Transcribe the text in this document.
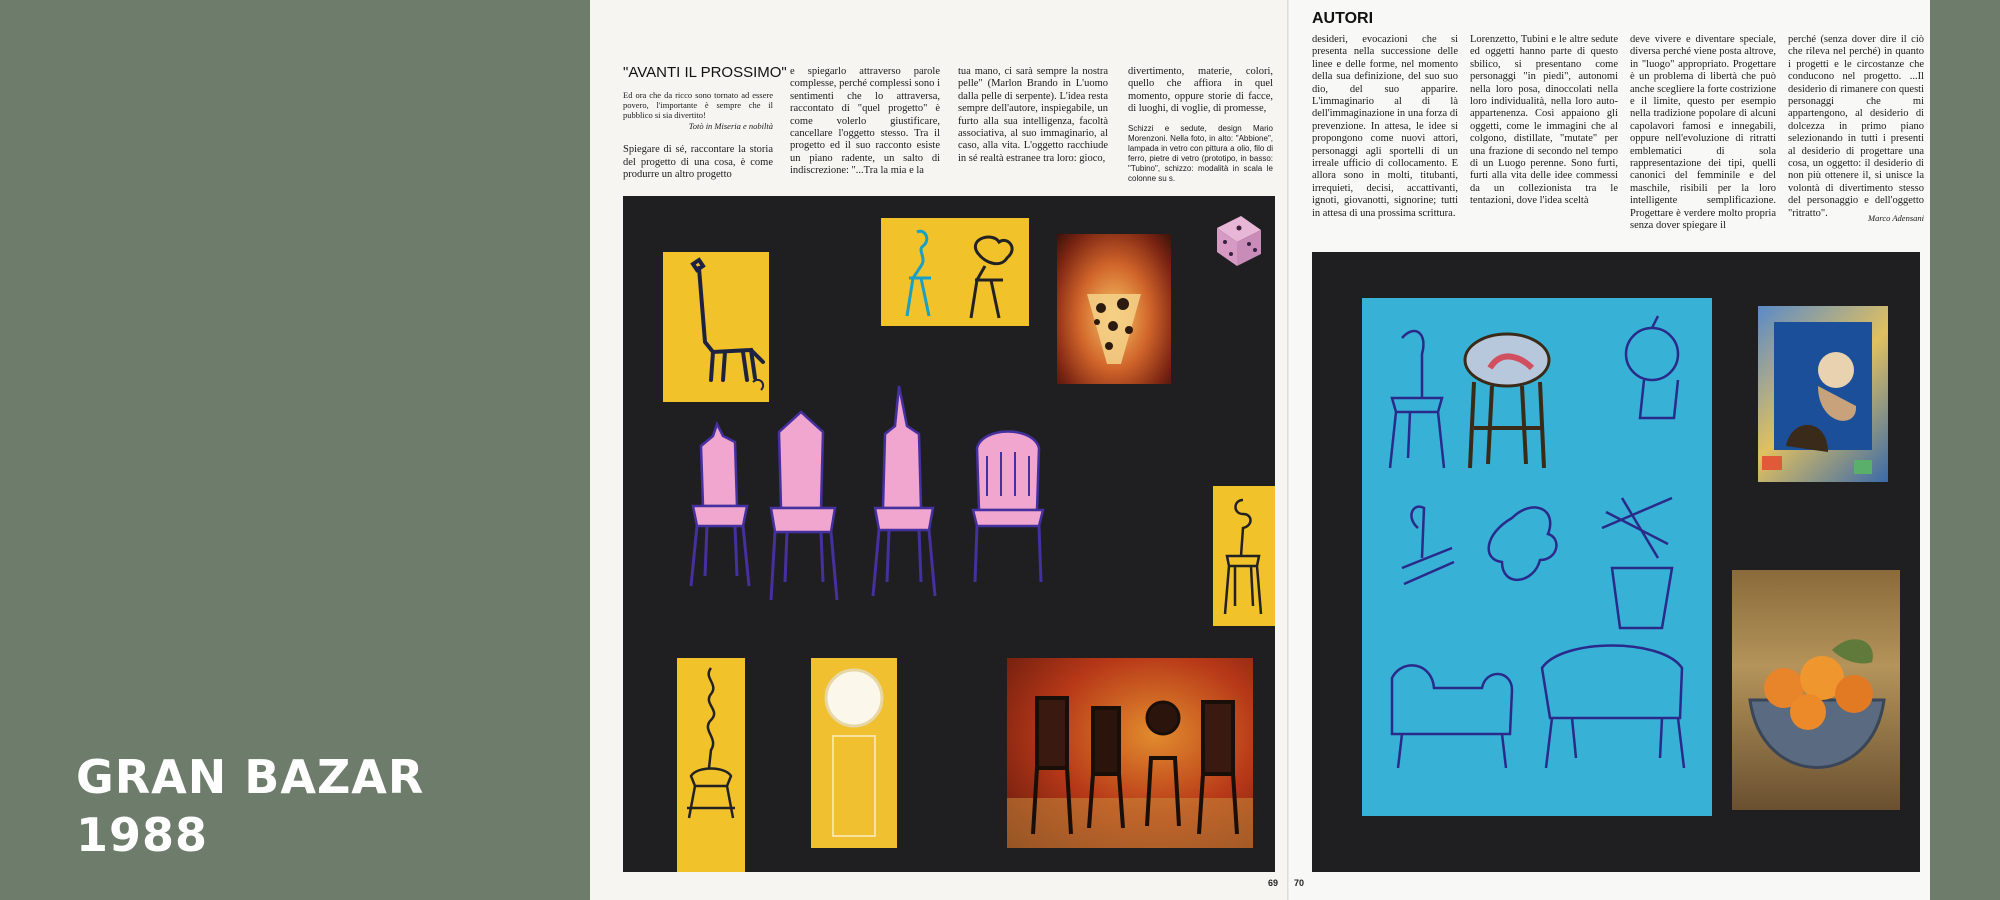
GRAN BAZAR
1988
"AVANTI IL PROSSIMO"

Ed ora che da ricco sono tornato ad essere povero, l'importante è sempre che il pubblico si sia divertito!

Totò in Miseria e nobiltà

Spiegare di sé, raccontare la storia del progetto di una cosa, è come produrre un altro progetto

e spiegarlo attraverso parole complesse, perché complessi sono i sentimenti che lo attraversa, raccontato di "quel progetto" è come volerlo giustificare, cancellare l'oggetto stesso. Tra il progetto ed il suo racconto esiste un piano radente, un salto di indiscrezione: "...Tra la mia e la
tua mano, ci sarà sempre la nostra pelle" (Marlon Brando in L'uomo dalla pelle di serpente). L'idea resta sempre dell'autore, inspiegabile, un furto alla sua intelligenza, facoltà associativa, al suo immaginario, al caso, alla vita. L'oggetto racchiude in sé realtà estranee tra loro: gioco,
divertimento, materie, colori, quello che affiora in quel momento, oppure storie di facce, di luoghi, di voglie, di promesse,
Schizzi e sedute, design Mario Morenzoni. Nella foto, in alto: "Abbione", lampada in vetro con pittura a olio, filo di ferro, pietre di vetro (prototipo, in basso: "Tubino", schizzo: modalità in scala le colonne su s.
69
AUTORI
desideri, evocazioni che si presenta nella successione delle linee e delle forme, nel momento della sua definizione, del suo suo dio, del suo apparire. L'immaginario al di là dell'immaginazione in una forza di prevenzione. In attesa, le idee si propongono come nuovi attori, personaggi agli sportelli di un irreale ufficio di collocamento. E allora sono in molti, titubanti, irrequieti, decisi, accattivanti, ignoti, giovanotti, signorine; tutti in attesa di una prossima scrittura.
Lorenzetto, Tubini e le altre sedute ed oggetti hanno parte di questo sbilico, si presentano come personaggi "in piedi", autonomi nella loro posa, dinoccolati nella loro individualità, nella loro auto-appartenenza. Così appaiono gli oggetti, come le immagini che al colgono, distillate, "mutate" per una frazione di secondo nel tempo di un Luogo perenne. Sono furti, furti alla vita delle idee commessi da un collezionista tra le tentazioni, dove l'idea sceltà
deve vivere e diventare speciale, diversa perché viene posta altrove, in "luogo" appropriato. Progettare è un problema di libertà che può anche scegliere la forte costrizione e il limite, questo per esempio nella tradizione popolare di alcuni capolavori famosi e innegabili, oppure nell'evoluzione di ritratti emblematici di sola rappresentazione dei tipi, quelli canonici del femminile e del maschile, risibili per la loro intelligente semplificazione. Progettare è verdere molto propria senza dover spiegare il
perché (senza dover dire il ciò che rileva nel perché) in quanto i progetti e le circostanze che conducono nel progetto. ...Il desiderio di rimanere con questi personaggi che mi appartengono, al desiderio di dolcezza in primo piano selezionando in tutti i presenti al desiderio di progettare una cosa, un oggetto: il desiderio di non più ottenere il, si unisce la volontà di divertimento stesso del personaggio e dell'oggetto "ritratto".	Marco Adensani
70
